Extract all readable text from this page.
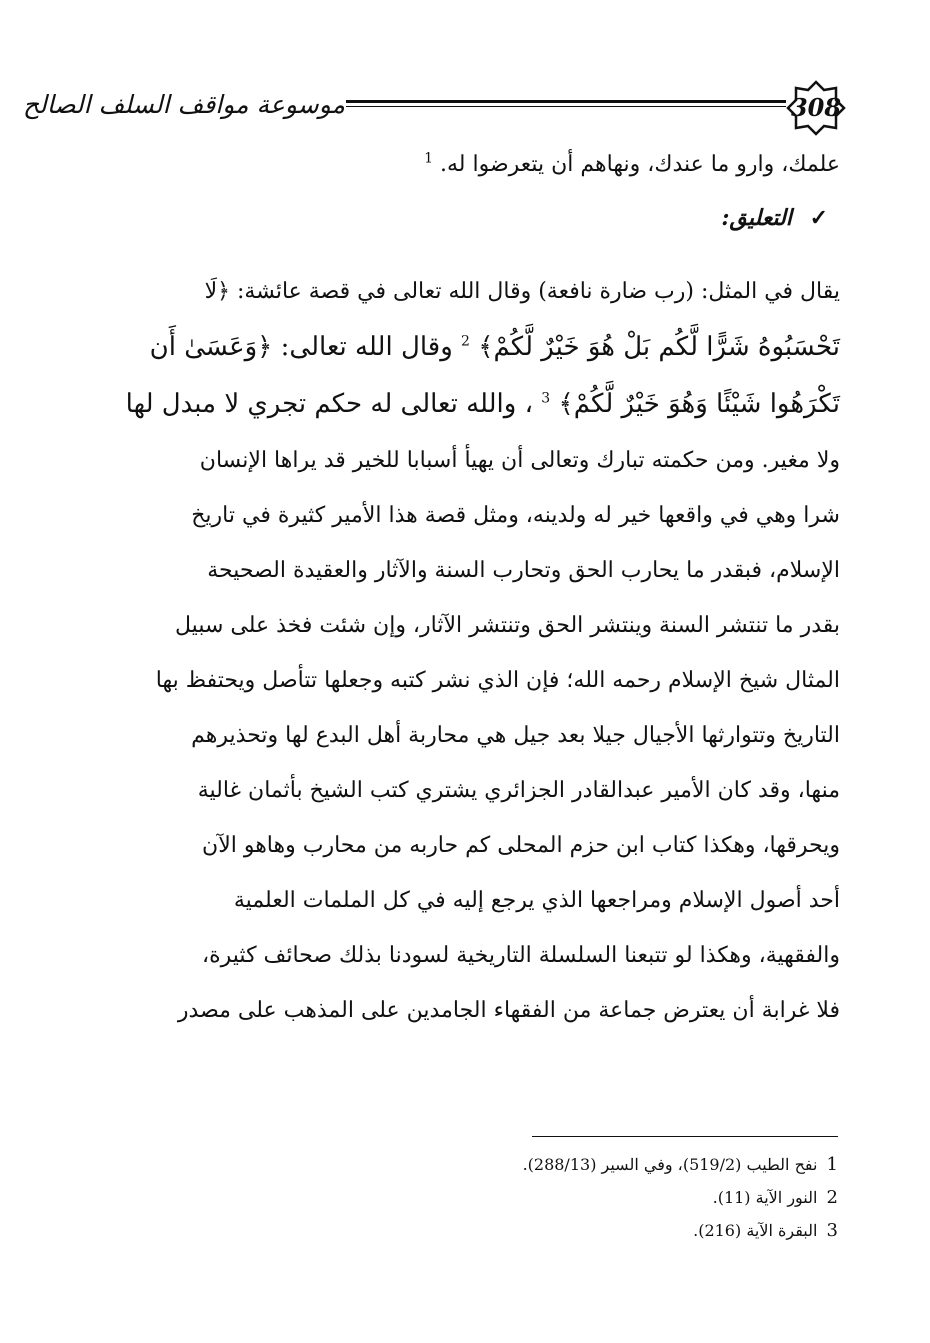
موسوعة مواقف السلف الصالح	308
علمك، وارو ما عندك، ونهاهم أن يتعرضوا له. $^1$
✓ التعليق:
يقال في المثل: (رب ضارة نافعة) وقال الله تعالى في قصة عائشة: ﴿لَا
تَحْسَبُوهُ شَرًّا لَّكُم بَلْ هُوَ خَيْرٌ لَّكُمْ﴾ $^2$ وقال الله تعالى: ﴿وَعَسَىٰ أَن
تَكْرَهُوا شَيْئًا وَهُوَ خَيْرٌ لَّكُمْ﴾ $^3$ ، والله تعالى له حكم تجري لا مبدل لها
ولا مغير. ومن حكمته تبارك وتعالى أن يهيأ أسبابا للخير قد يراها الإنسان
شرا وهي في واقعها خير له ولدينه، ومثل قصة هذا الأمير كثيرة في تاريخ
الإسلام، فبقدر ما يحارب الحق وتحارب السنة والآثار والعقيدة الصحيحة
بقدر ما تنتشر السنة وينتشر الحق وتنتشر الآثار، وإن شئت فخذ على سبيل
المثال شيخ الإسلام رحمه الله؛ فإن الذي نشر كتبه وجعلها تتأصل ويحتفظ بها
التاريخ وتتوارثها الأجيال جيلا بعد جيل هي محاربة أهل البدع لها وتحذيرهم
منها، وقد كان الأمير عبدالقادر الجزائري يشتري كتب الشيخ بأثمان غالية
ويحرقها، وهكذا كتاب ابن حزم المحلى كم حاربه من محارب وهاهو الآن
أحد أصول الإسلام ومراجعها الذي يرجع إليه في كل الملمات العلمية
والفقهية، وهكذا لو تتبعنا السلسلة التاريخية لسودنا بذلك صحائف كثيرة،
فلا غرابة أن يعترض جماعة من الفقهاء الجامدين على المذهب على مصدر
1 نفح الطيب (519/2)، وفي السير (288/13).
2 النور الآية (11).
3 البقرة الآية (216).
